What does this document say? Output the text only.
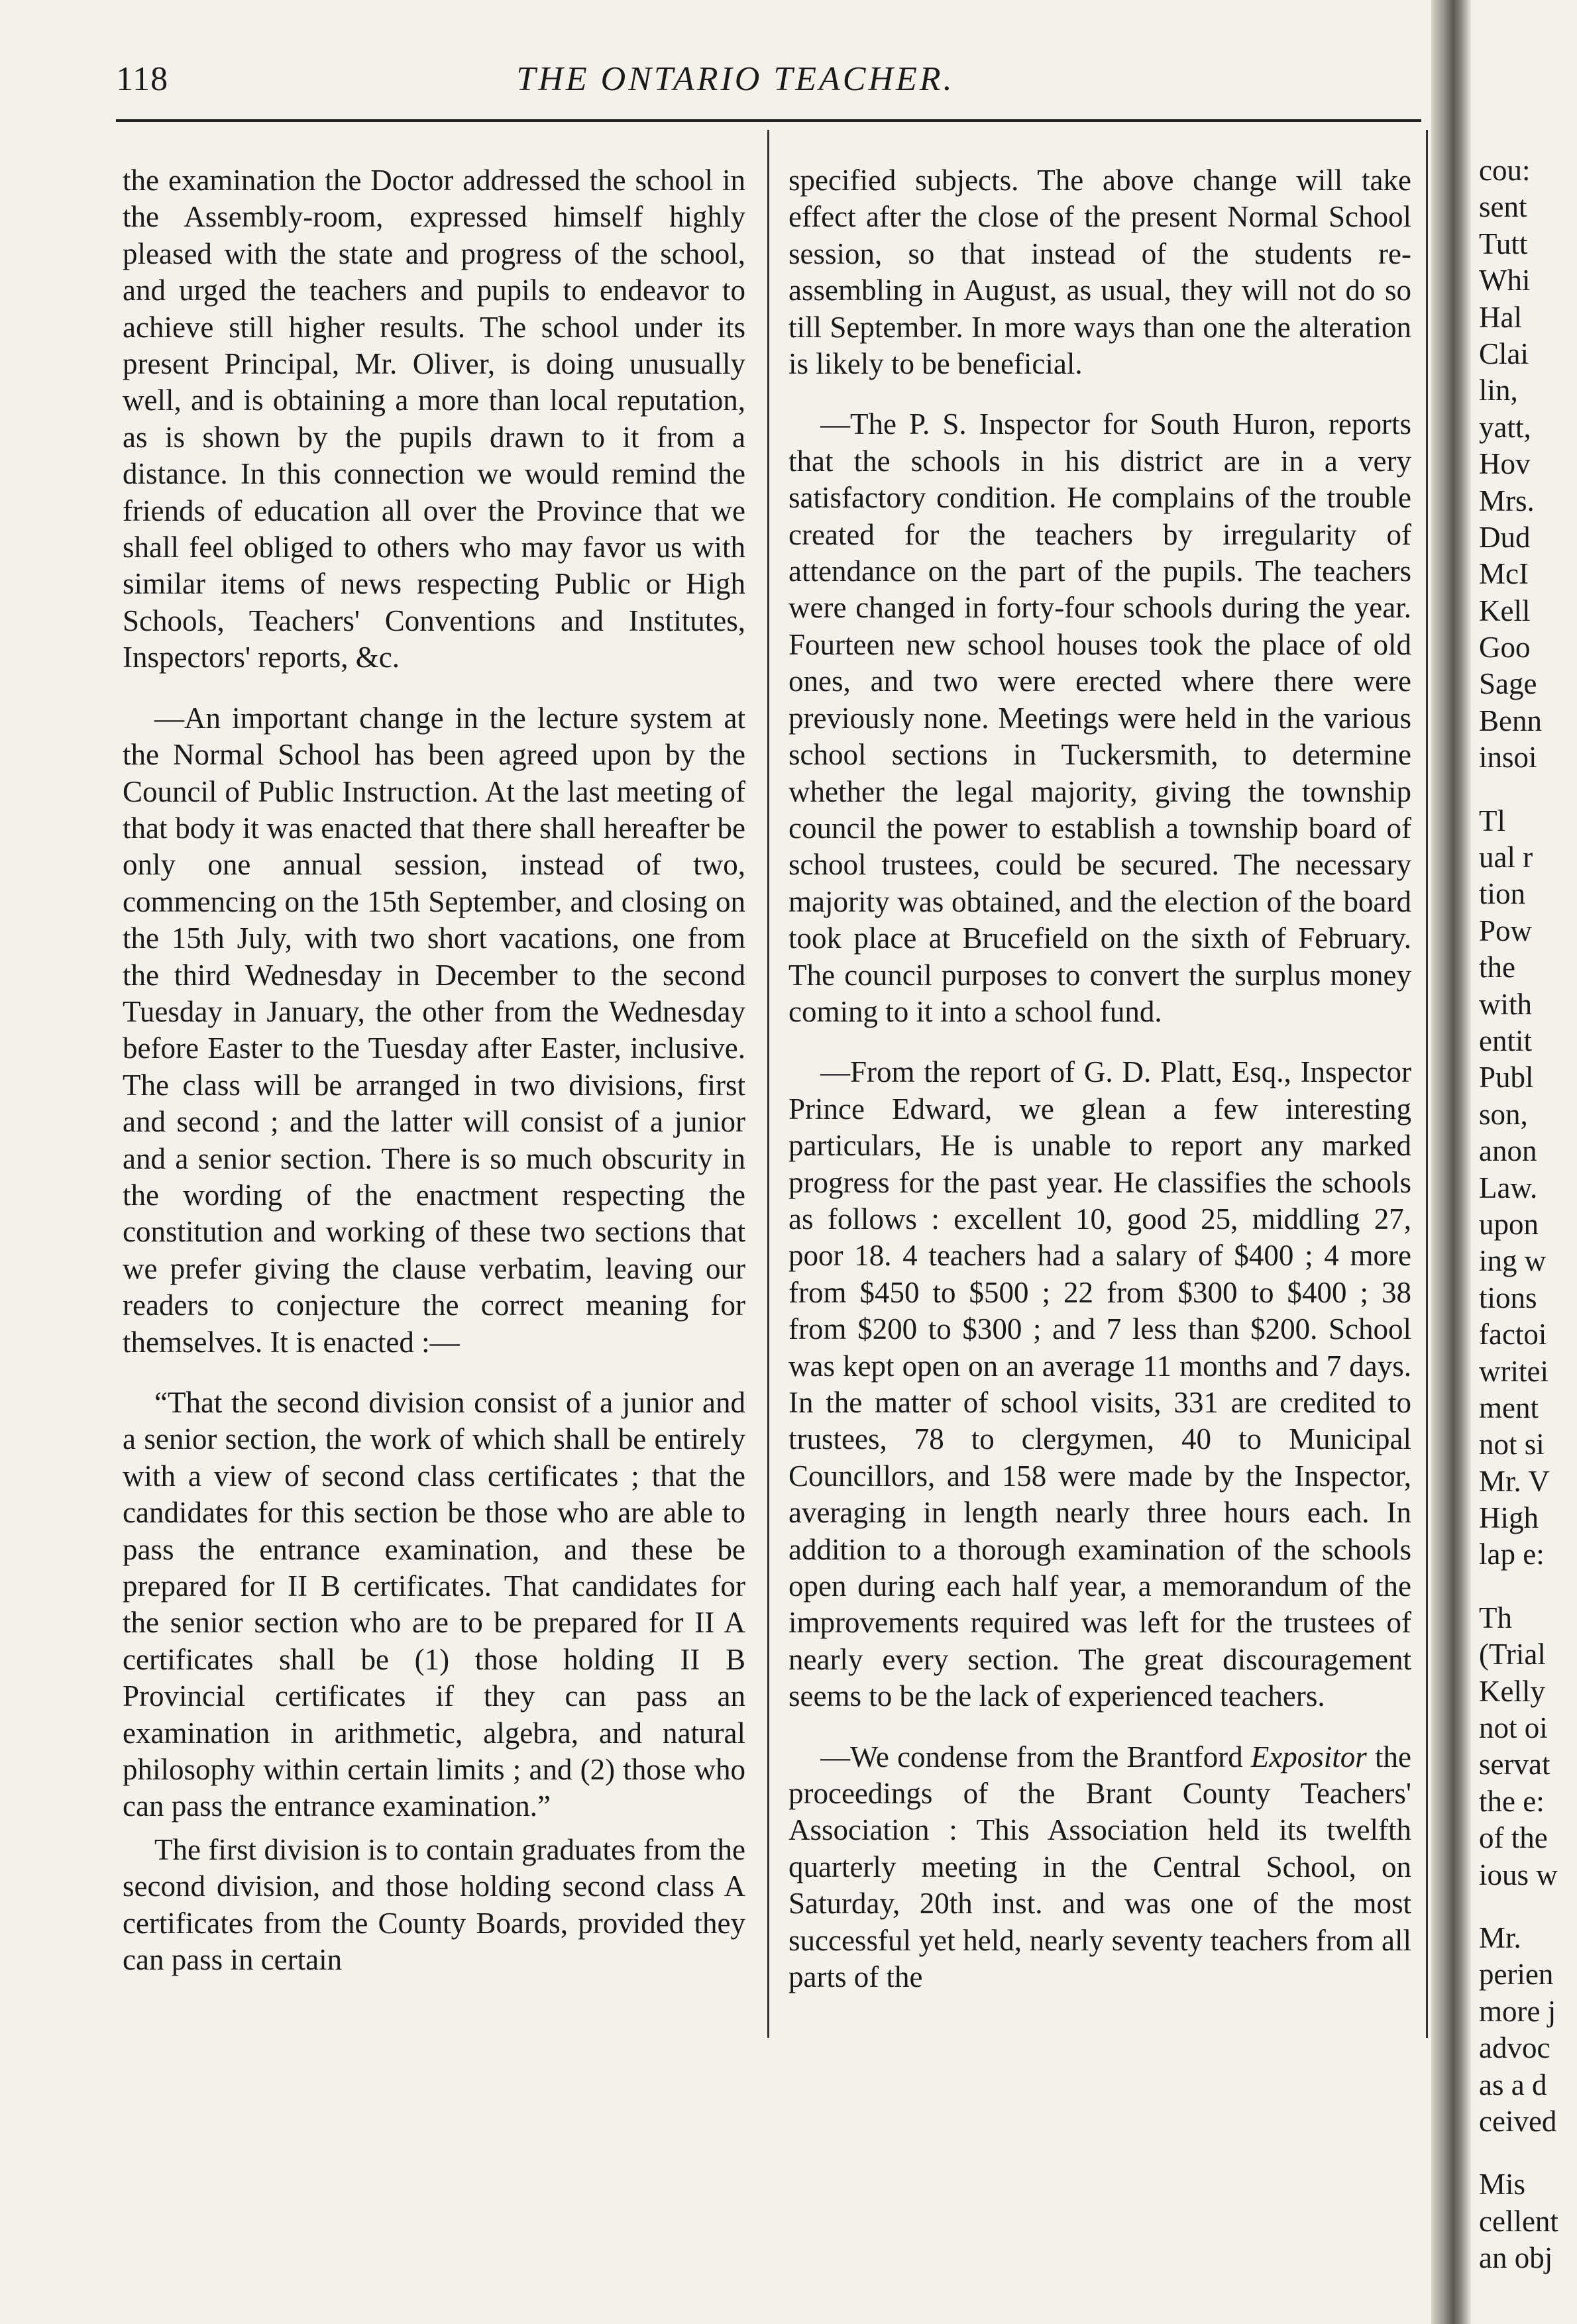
118	THE ONTARIO TEACHER.

the examination the Doctor addressed the school in the Assembly-room, expressed himself highly pleased with the state and progress of the school, and urged the teachers and pupils to endeavor to achieve still higher results. The school under its present Principal, Mr. Oliver, is doing unusually well, and is obtaining a more than local reputation, as is shown by the pupils drawn to it from a distance. In this connection we would remind the friends of education all over the Province that we shall feel obliged to others who may favor us with similar items of news respecting Public or High Schools, Teachers' Conventions and Institutes, Inspectors' reports, &c.

—An important change in the lecture system at the Normal School has been agreed upon by the Council of Public Instruction. At the last meeting of that body it was enacted that there shall hereafter be only one annual session, instead of two, commencing on the 15th September, and closing on the 15th July, with two short vacations, one from the third Wednesday in December to the second Tuesday in January, the other from the Wednesday before Easter to the Tuesday after Easter, inclusive. The class will be arranged in two divisions, first and second ; and the latter will consist of a junior and a senior section. There is so much obscurity in the wording of the enactment respecting the constitution and working of these two sections that we prefer giving the clause verbatim, leaving our readers to conjecture the correct meaning for themselves. It is enacted :—

“That the second division consist of a junior and a senior section, the work of which shall be entirely with a view of second class certificates ; that the candidates for this section be those who are able to pass the entrance examination, and these be prepared for II B certificates. That candidates for the senior section who are to be prepared for II A certificates shall be (1) those holding II B Provincial certificates if they can pass an examination in arithmetic, algebra, and natural philosophy within certain limits ; and (2) those who can pass the entrance examination.”

The first division is to contain graduates from the second division, and those holding second class A certificates from the County Boards, provided they can pass in certain

specified subjects. The above change will take effect after the close of the present Normal School session, so that instead of the students re-assembling in August, as usual, they will not do so till September. In more ways than one the alteration is likely to be beneficial.

—The P. S. Inspector for South Huron, reports that the schools in his district are in a very satisfactory condition. He complains of the trouble created for the teachers by irregularity of attendance on the part of the pupils. The teachers were changed in forty-four schools during the year. Fourteen new school houses took the place of old ones, and two were erected where there were previously none. Meetings were held in the various school sections in Tuckersmith, to determine whether the legal majority, giving the township council the power to establish a township board of school trustees, could be secured. The necessary majority was obtained, and the election of the board took place at Brucefield on the sixth of February. The council purposes to convert the surplus money coming to it into a school fund.

—From the report of G. D. Platt, Esq., Inspector Prince Edward, we glean a few interesting particulars, He is unable to report any marked progress for the past year. He classifies the schools as follows : excellent 10, good 25, middling 27, poor 18. 4 teachers had a salary of $400 ; 4 more from $450 to $500 ; 22 from $300 to $400 ; 38 from $200 to $300 ; and 7 less than $200. School was kept open on an average 11 months and 7 days. In the matter of school visits, 331 are credited to trustees, 78 to clergymen, 40 to Municipal Councillors, and 158 were made by the Inspector, averaging in length nearly three hours each. In addition to a thorough examination of the schools open during each half year, a memorandum of the improvements required was left for the trustees of nearly every section. The great discouragement seems to be the lack of experienced teachers.

—We condense from the Brantford Expositor the proceedings of the Brant County Teachers' Association : This Association held its twelfth quarterly meeting in the Central School, on Saturday, 20th inst. and was one of the most successful yet held, nearly seventy teachers from all parts of the

cou:
sent
Tutt
Whi
Hal
Clai
lin,
yatt,
Hov
Mrs.
Dud
McI
Kell
Goo
Sage
Benn
insoi
Tl
ual r
tion
Pow
the
with
entit
Publ
son,
anon
Law.
upon
ing w
tions
factoi
writei
ment
not si
Mr. V
High
lap e:
Th
(Trial
Kelly
not oi
servat
the e:
of the
ious w
Mr.
perien
more j
advoc
as a d
ceived
Mis
cellent
an obj
